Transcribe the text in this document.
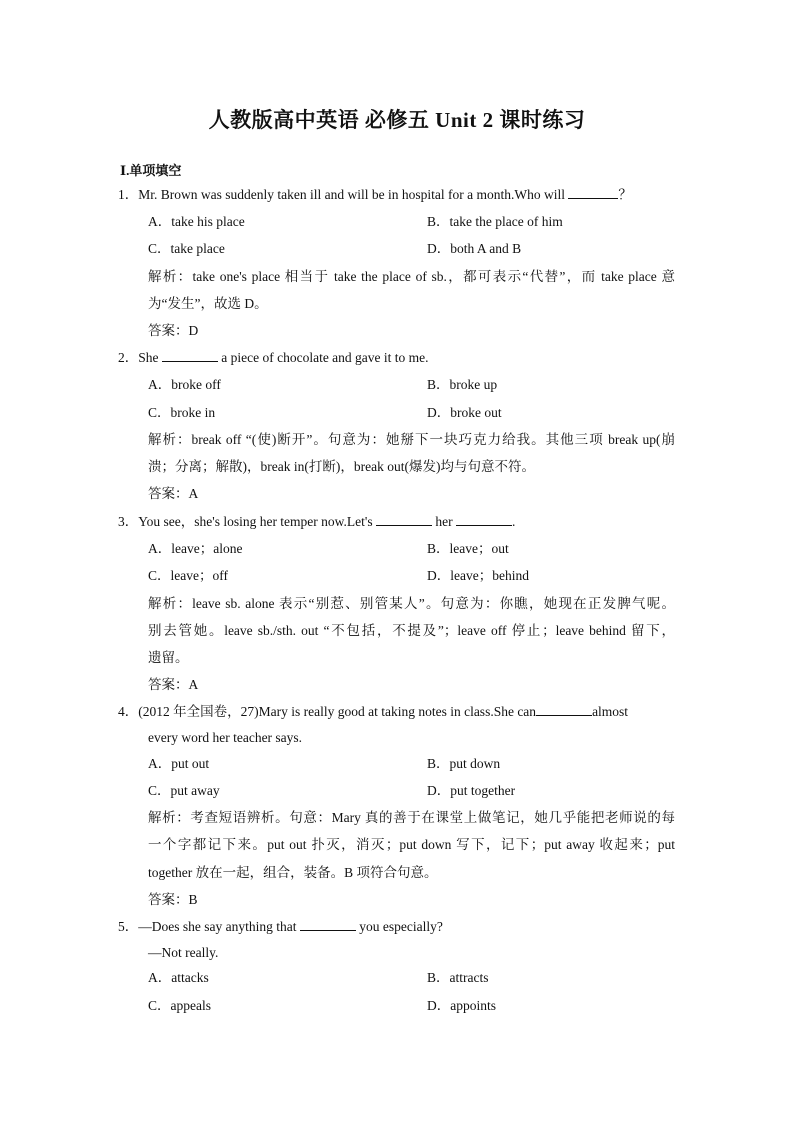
人教版高中英语 必修五 Unit 2 课时练习
Ⅰ.单项填空
1．Mr. Brown was suddenly taken ill and will be in hospital for a month.Who will	？
A．take his place	B．take the place of him
C．take place	D．both A and B
解析：take one's place 相当于 take the place of sb.，都可表示“代替”，而 take place 意
为“发生”，故选 D。
答案：D
2．She	a piece of chocolate and gave it to me.
A．broke off	B．broke up
C．broke in	D．broke out
解析：break off “(使)断开”。句意为：她掰下一块巧克力给我。其他三项 break up(崩
溃；分离；解散)，break in(打断)，break out(爆发)均与句意不符。
答案：A
3．You see，she's losing her temper now.Let's	her	.
A．leave；alone	B．leave；out
C．leave；off	D．leave；behind
解析：leave sb. alone 表示“别惹、别管某人”。句意为：你瞧，她现在正发脾气呢。
别去管她。leave sb./sth. out “不包括，不提及”；leave off 停止；leave behind 留下，
遗留。
答案：A
4．(2012 年全国卷，27)Mary is really good at taking notes in class.She can	almost
every word her teacher says.
A．put out	B．put down
C．put away	D．put together
解析：考查短语辨析。句意：Mary 真的善于在课堂上做笔记，她几乎能把老师说的每
一个字都记下来。put out 扑灭，消灭；put down 写下，记下；put away 收起来；put
together 放在一起，组合，装备。B 项符合句意。
答案：B
5．—Does she say anything that	you especially?
—Not really.
A．attacks	B．attracts
C．appeals	D．appoints
